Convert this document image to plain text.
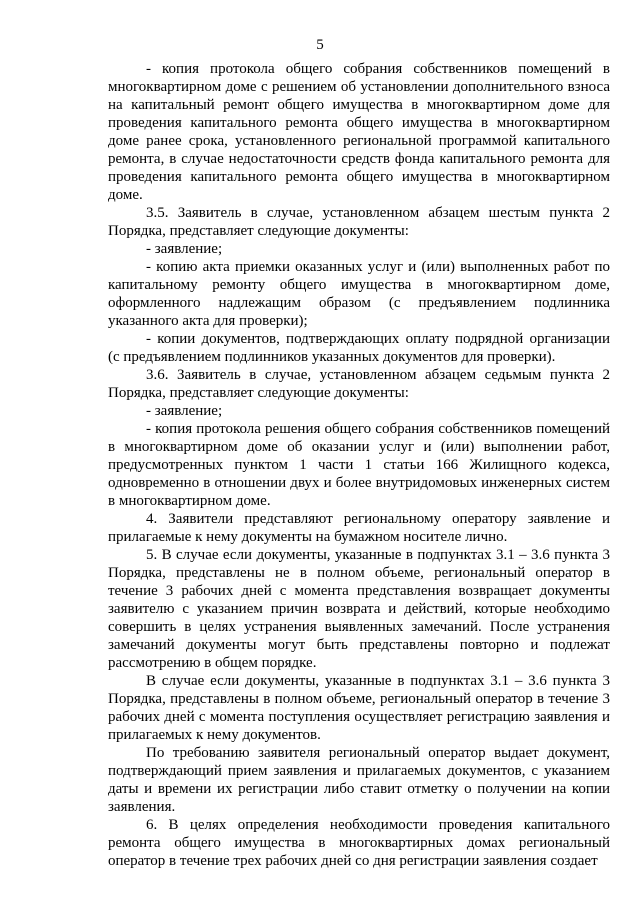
5

- копия протокола общего собрания собственников помещений в многоквартирном доме с решением об установлении дополнительного взноса на капитальный ремонт общего имущества в многоквартирном доме для проведения капитального ремонта общего имущества в многоквартирном доме ранее срока, установленного региональной программой капитального ремонта, в случае недостаточности средств фонда капитального ремонта для проведения капитального ремонта общего имущества в многоквартирном доме.

3.5. Заявитель в случае, установленном абзацем шестым пункта 2 Порядка, представляет следующие документы:

- заявление;

- копию акта приемки оказанных услуг и (или) выполненных работ по капитальному ремонту общего имущества в многоквартирном доме, оформленного надлежащим образом (с предъявлением подлинника указанного акта для проверки);

- копии документов, подтверждающих оплату подрядной организации (с предъявлением подлинников указанных документов для проверки).

3.6. Заявитель в случае, установленном абзацем седьмым пункта 2 Порядка, представляет следующие документы:

- заявление;

- копия протокола решения общего собрания собственников помещений в многоквартирном доме об оказании услуг и (или) выполнении работ, предусмотренных пунктом 1 части 1 статьи 166 Жилищного кодекса, одновременно в отношении двух и более внутридомовых инженерных систем в многоквартирном доме.

4. Заявители представляют региональному оператору заявление и прилагаемые к нему документы на бумажном носителе лично.

5. В случае если документы, указанные в подпунктах 3.1 – 3.6 пункта 3 Порядка, представлены не в полном объеме, региональный оператор в течение 3 рабочих дней с момента представления возвращает документы заявителю с указанием причин возврата и действий, которые необходимо совершить в целях устранения выявленных замечаний. После устранения замечаний документы могут быть представлены повторно и подлежат рассмотрению в общем порядке.

В случае если документы, указанные в подпунктах 3.1 – 3.6 пункта 3 Порядка, представлены в полном объеме, региональный оператор в течение 3 рабочих дней с момента поступления осуществляет регистрацию заявления и прилагаемых к нему документов.

По требованию заявителя региональный оператор выдает документ, подтверждающий прием заявления и прилагаемых документов, с указанием даты и времени их регистрации либо ставит отметку о получении на копии заявления.

6. В целях определения необходимости проведения капитального ремонта общего имущества в многоквартирных домах региональный оператор в течение трех рабочих дней со дня регистрации заявления создает
